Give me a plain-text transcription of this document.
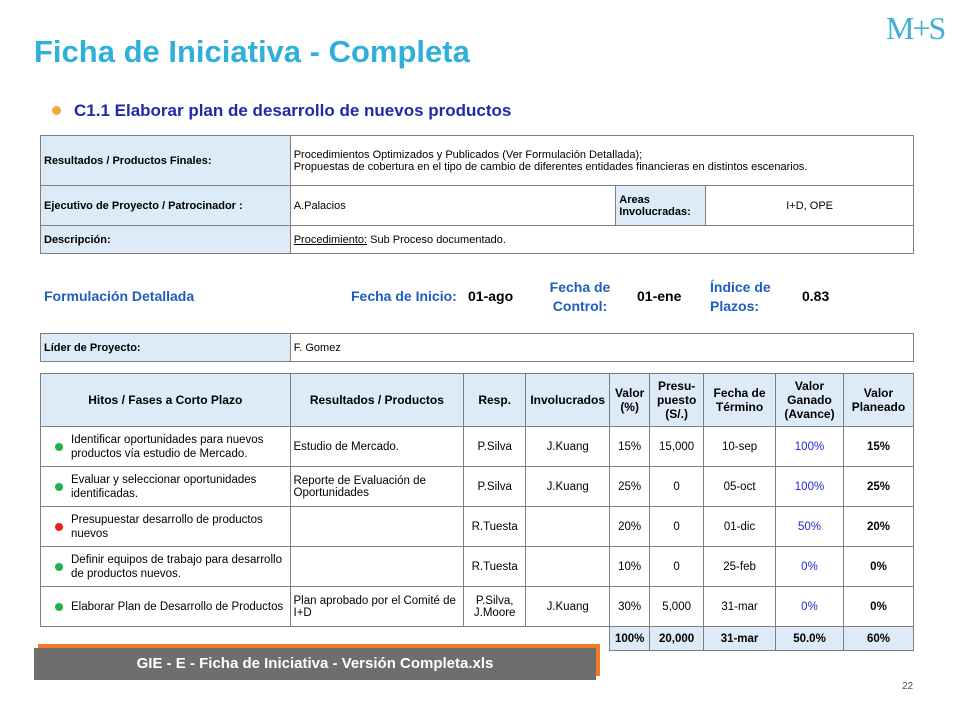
M+S
Ficha de Iniciativa - Completa
C1.1 Elaborar plan de desarrollo de nuevos productos
Resultados / Productos Finales:	Procedimientos Optimizados y Publicados (Ver Formulación Detallada);
Propuestas de cobertura en el tipo de cambio de diferentes entidades financieras en distintos escenarios.		

Ejecutivo de Proyecto / Patrocinador :	A.Palacios	Areas Involucradas:	I+D, OPE
Descripción:	Procedimiento: Sub Proceso documentado.		
Formulación Detallada	Fecha de Inicio: 01-ago
Fecha de Control:
01-ene
Índice de Plazos:
0.83
Líder de Proyecto:	F. Gomez
Hitos / Fases a Corto Plazo	Resultados / Productos	Resp.	Involucrados	Valor (%)	Presu- puesto (S/.)	Fecha de Término	Valor Ganado (Avance)	Valor Planeado

Identificar oportunidades para nuevos productos vía estudio de Mercado.	Estudio de Mercado.	P.Silva	J.Kuang	15%	15,000	10-sep	100%	15%

Evaluar y seleccionar oportunidades identificadas.	Reporte de Evaluación de Oportunidades	P.Silva	J.Kuang	25%	0	05-oct	100%	25%

Presupuestar desarrollo de productos nuevos		R.Tuesta		20%	0	01-dic	50%	20%

Definir equipos de trabajo para desarrollo de productos nuevos.		R.Tuesta		10%	0	25-feb	0%	0%

Elaborar Plan de Desarrollo de Productos	Plan aprobado por el Comité de I+D	P.Silva, J.Moore	J.Kuang	30%	5,000	31-mar	0%	0%
				100%	20,000	31-mar	50.0%	60%
GIE - E - Ficha de Iniciativa - Versión Completa.xls
22
